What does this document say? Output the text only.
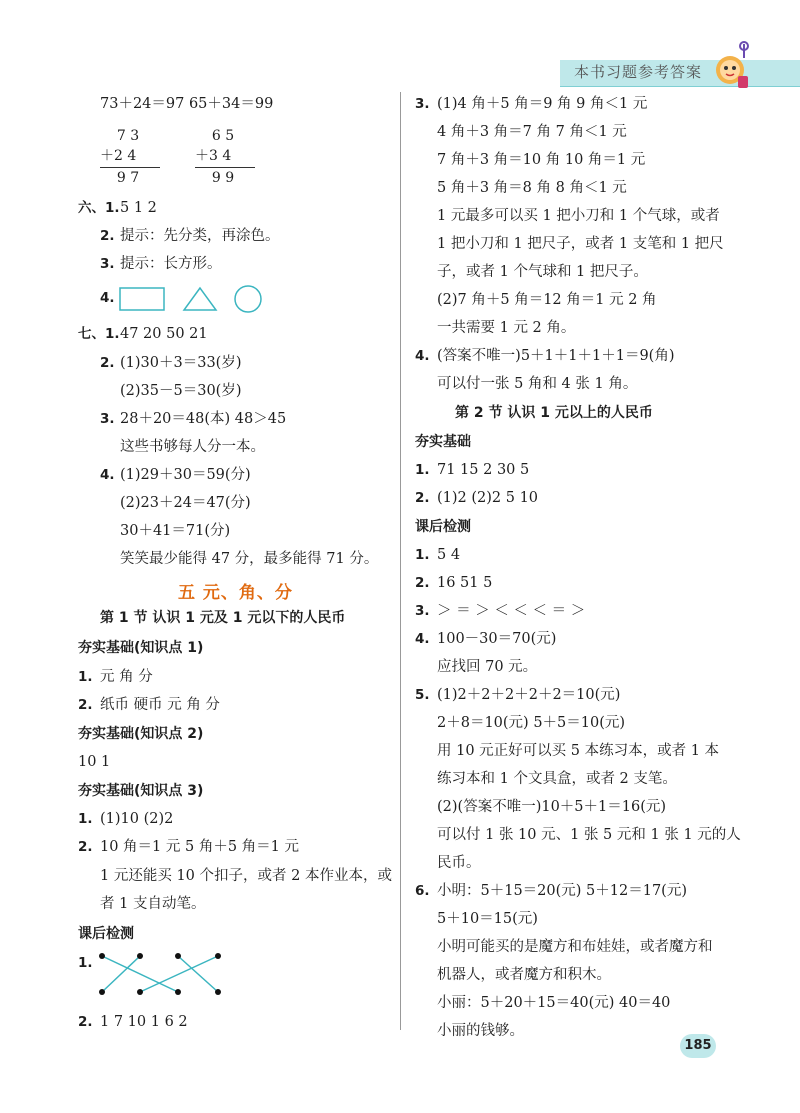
本书习题参考答案
73＋24＝97 65＋34＝99
7 3
＋2 4
9 7
6 5
＋3 4
9 9
六、1. 5 1 2
2. 提示：先分类，再涂色。
3. 提示：长方形。
4.
七、1. 47 20 50 21
2. (1)30＋3＝33(岁)
(2)35－5＝30(岁)
3. 28＋20＝48(本) 48＞45
这些书够每人分一本。
4. (1)29＋30＝59(分)
(2)23＋24＝47(分)
30＋41＝71(分)
笑笑最少能得 47 分，最多能得 71 分。
五 元、角、分
第 1 节 认识 1 元及 1 元以下的人民币
夯实基础(知识点 1)
1. 元 角 分
2. 纸币 硬币 元 角 分
夯实基础(知识点 2)
10 1
夯实基础(知识点 3)
1. (1)10 (2)2
2. 10 角＝1 元 5 角＋5 角＝1 元
1 元还能买 10 个扣子，或者 2 本作业本，或
者 1 支自动笔。
课后检测
1.
2. 1 7 10 1 6 2
3. (1)4 角＋5 角＝9 角 9 角＜1 元
4 角＋3 角＝7 角 7 角＜1 元
7 角＋3 角＝10 角 10 角＝1 元
5 角＋3 角＝8 角 8 角＜1 元
1 元最多可以买 1 把小刀和 1 个气球，或者
1 把小刀和 1 把尺子，或者 1 支笔和 1 把尺
子，或者 1 个气球和 1 把尺子。
(2)7 角＋5 角＝12 角＝1 元 2 角
一共需要 1 元 2 角。
4. (答案不唯一)5＋1＋1＋1＋1＝9(角)
可以付一张 5 角和 4 张 1 角。
第 2 节 认识 1 元以上的人民币
夯实基础
1. 71 15 2 30 5
2. (1)2 (2)2 5 10
课后检测
1. 5 4
2. 16 51 5
3. ＞ ＝ ＞ ＜ ＜ ＜ ＝ ＞
4. 100－30＝70(元)
应找回 70 元。
5. (1)2＋2＋2＋2＋2＝10(元)
2＋8＝10(元) 5＋5＝10(元)
用 10 元正好可以买 5 本练习本，或者 1 本
练习本和 1 个文具盒，或者 2 支笔。
(2)(答案不唯一)10＋5＋1＝16(元)
可以付 1 张 10 元、1 张 5 元和 1 张 1 元的人
民币。
6. 小明：5＋15＝20(元) 5＋12＝17(元)
5＋10＝15(元)
小明可能买的是魔方和布娃娃，或者魔方和
机器人，或者魔方和积木。
小丽：5＋20＋15＝40(元) 40＝40
小丽的钱够。
185
